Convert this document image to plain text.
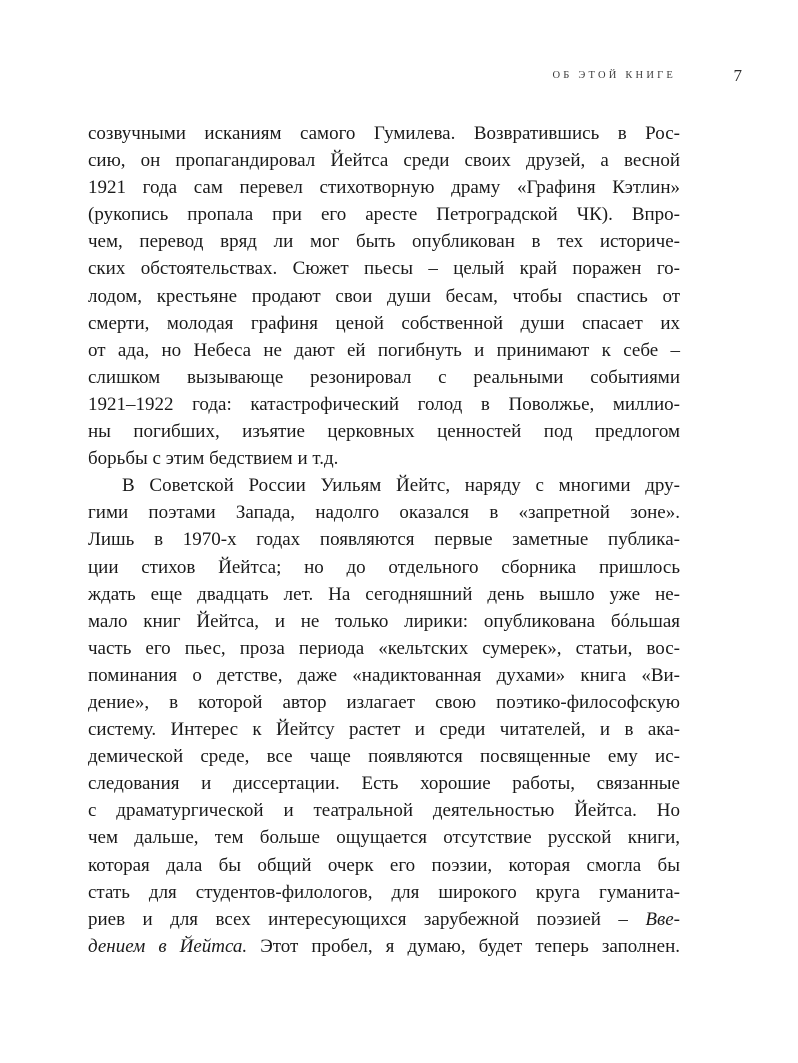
ОБ ЭТОЙ КНИГЕ	7
созвучными исканиям самого Гумилева. Возвратившись в Рос-
сию, он пропагандировал Йейтса среди своих друзей, а весной
1921 года сам перевел стихотворную драму «Графиня Кэтлин»
(рукопись пропала при его аресте Петроградской ЧК). Впро-
чем, перевод вряд ли мог быть опубликован в тех историче-
ских обстоятельствах. Сюжет пьесы – целый край поражен го-
лодом, крестьяне продают свои души бесам, чтобы спастись от
смерти, молодая графиня ценой собственной души спасает их
от ада, но Небеса не дают ей погибнуть и принимают к себе –
слишком вызывающе резонировал с реальными событиями
1921–1922 года: катастрофический голод в Поволжье, миллио-
ны погибших, изъятие церковных ценностей под предлогом
борьбы с этим бедствием и т.д.
В Советской России Уильям Йейтс, наряду с многими дру-
гими поэтами Запада, надолго оказался в «запретной зоне».
Лишь в 1970-х годах появляются первые заметные публика-
ции стихов Йейтса; но до отдельного сборника пришлось
ждать еще двадцать лет. На сегодняшний день вышло уже не-
мало книг Йейтса, и не только лирики: опубликована бóльшая
часть его пьес, проза периода «кельтских сумерек», статьи, вос-
поминания о детстве, даже «надиктованная духами» книга «Ви-
дение», в которой автор излагает свою поэтико-философскую
систему. Интерес к Йейтсу растет и среди читателей, и в ака-
демической среде, все чаще появляются посвященные ему ис-
следования и диссертации. Есть хорошие работы, связанные
с драматургической и театральной деятельностью Йейтса. Но
чем дальше, тем больше ощущается отсутствие русской книги,
которая дала бы общий очерк его поэзии, которая смогла бы
стать для студентов-филологов, для широкого круга гуманита-
риев и для всех интересующихся зарубежной поэзией – Вве-
дением в Йейтса. Этот пробел, я думаю, будет теперь заполнен.
